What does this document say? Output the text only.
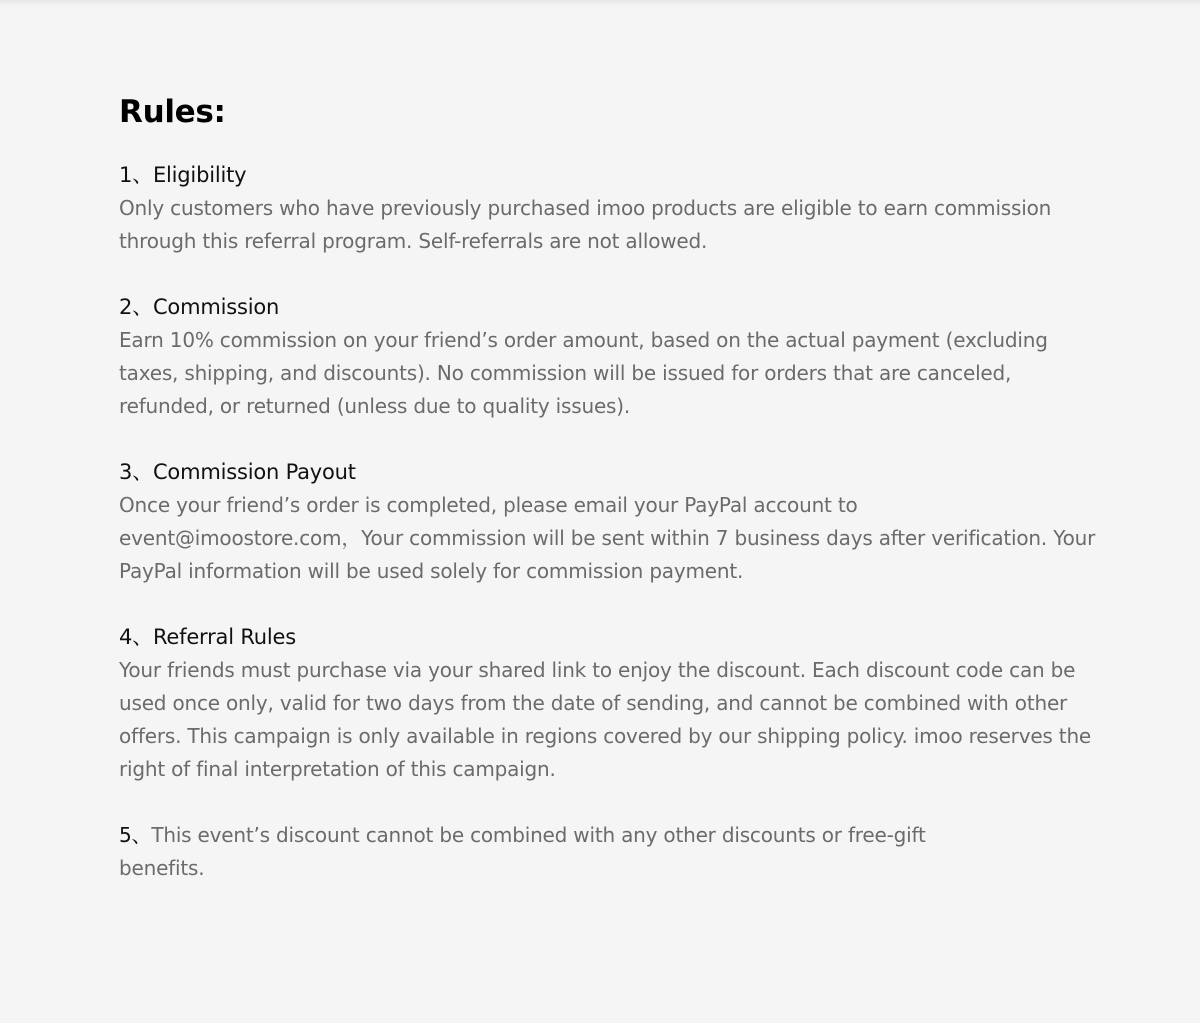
Rules:

1、Eligibility

Only customers who have previously purchased imoo products are eligible to earn commission through this referral program. Self-referrals are not allowed.

2、Commission

Earn 10% commission on your friend’s order amount, based on the actual payment (excluding taxes, shipping, and discounts). No commission will be issued for orders that are canceled, refunded, or returned (unless due to quality issues).

3、Commission Payout

Once your friend’s order is completed, please email your PayPal account to event@imoostore.com，Your commission will be sent within 7 business days after verification. Your PayPal information will be used solely for commission payment.

4、Referral Rules

Your friends must purchase via your shared link to enjoy the discount. Each discount code can be used once only, valid for two days from the date of sending, and cannot be combined with other offers. This campaign is only available in regions covered by our shipping policy. imoo reserves the right of final interpretation of this campaign.

5、This event’s discount cannot be combined with any other discounts or free-gift benefits.
